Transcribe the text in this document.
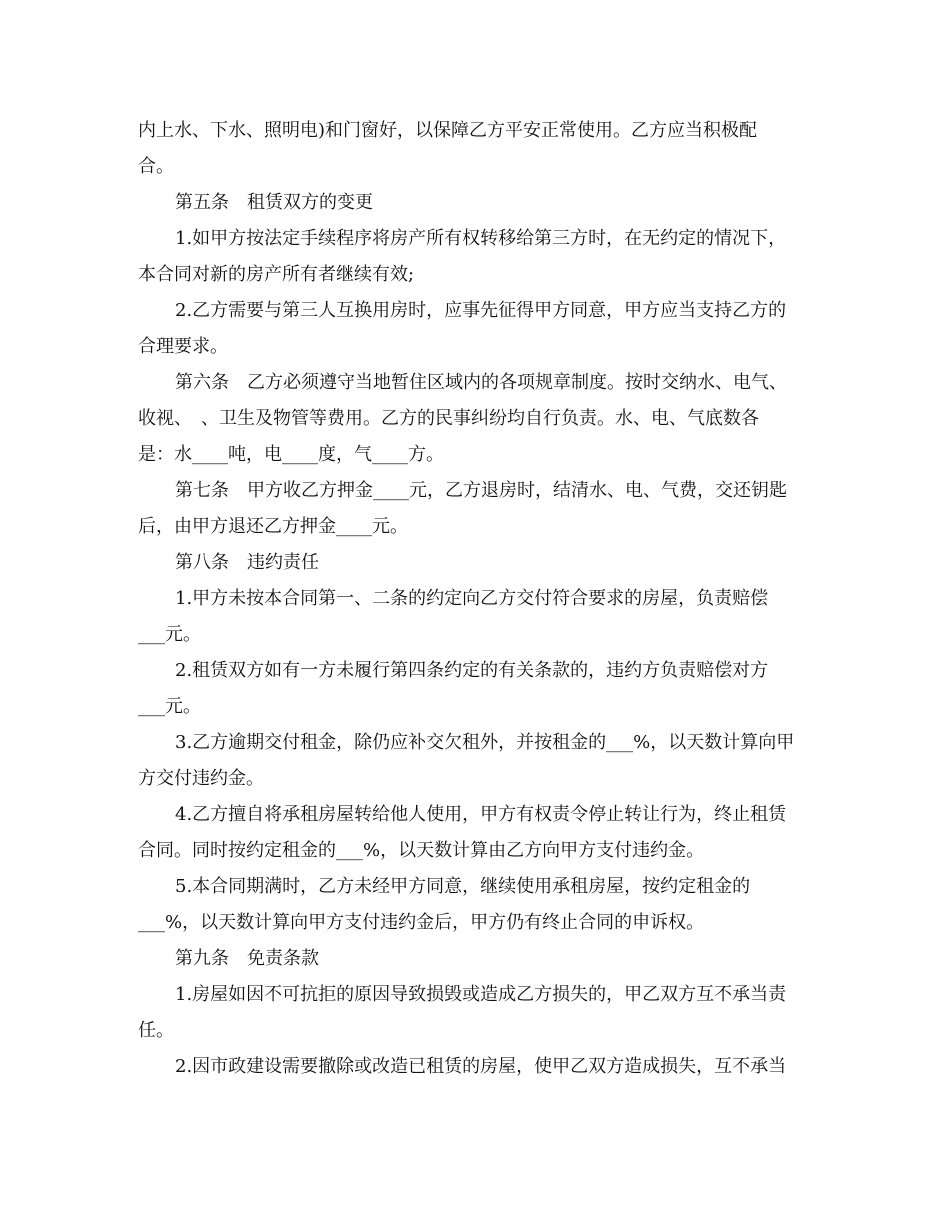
内上水、下水、照明电)和门窗好，以保障乙方平安正常使用。乙方应当积极配

合。

第五条　租赁双方的变更

1.如甲方按法定手续程序将房产所有权转移给第三方时，在无约定的情况下，

本合同对新的房产所有者继续有效;

2.乙方需要与第三人互换用房时，应事先征得甲方同意，甲方应当支持乙方的

合理要求。

第六条　乙方必须遵守当地暂住区域内的各项规章制度。按时交纳水、电气、

收视、　、卫生及物管等费用。乙方的民事纠纷均自行负责。水、电、气底数各

是：水____吨，电____度，气____方。

第七条　甲方收乙方押金____元，乙方退房时，结清水、电、气费，交还钥匙

后，由甲方退还乙方押金____元。

第八条　违约责任

1.甲方未按本合同第一、二条的约定向乙方交付符合要求的房屋，负责赔偿

___元。

2.租赁双方如有一方未履行第四条约定的有关条款的，违约方负责赔偿对方

___元。

3.乙方逾期交付租金，除仍应补交欠租外，并按租金的___%，以天数计算向甲

方交付违约金。

4.乙方擅自将承租房屋转给他人使用，甲方有权责令停止转让行为，终止租赁

合同。同时按约定租金的___%，以天数计算由乙方向甲方支付违约金。

5.本合同期满时，乙方未经甲方同意，继续使用承租房屋，按约定租金的

___%，以天数计算向甲方支付违约金后，甲方仍有终止合同的申诉权。

第九条　免责条款

1.房屋如因不可抗拒的原因导致损毁或造成乙方损失的，甲乙双方互不承当责

任。

2.因市政建设需要撤除或改造已租赁的房屋，使甲乙双方造成损失，互不承当
